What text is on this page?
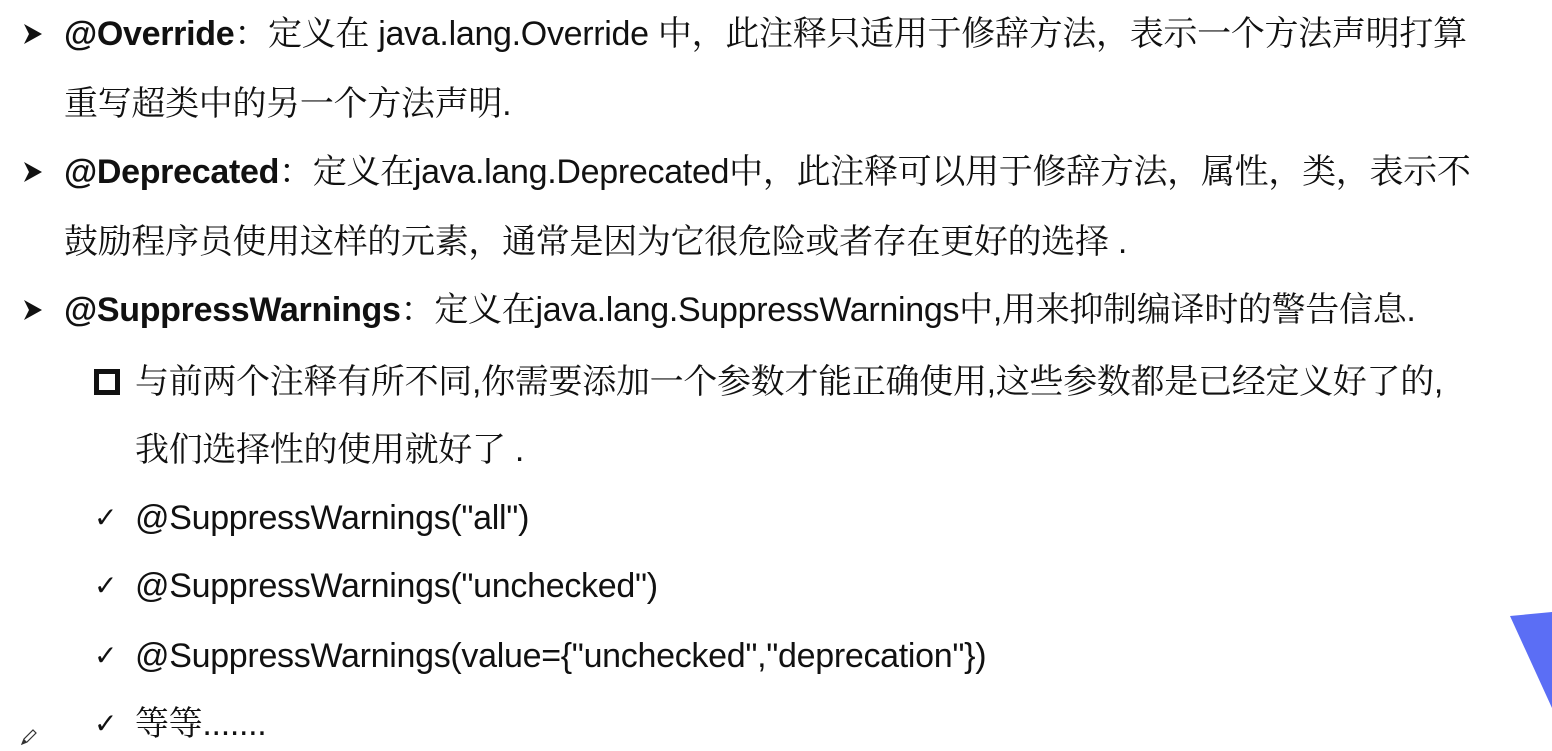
@Override：定义在 java.lang.Override 中，此注释只适用于修辞方法，表示一个方法声明打算
重写超类中的另一个方法声明.
@Deprecated：定义在java.lang.Deprecated中，此注释可以用于修辞方法，属性，类，表示不
鼓励程序员使用这样的元素，通常是因为它很危险或者存在更好的选择 .
@SuppressWarnings：定义在java.lang.SuppressWarnings中,用来抑制编译时的警告信息.
与前两个注释有所不同,你需要添加一个参数才能正确使用,这些参数都是已经定义好了的,
我们选择性的使用就好了 .
✓ @SuppressWarnings("all")
✓ @SuppressWarnings("unchecked")
✓ @SuppressWarnings(value={"unchecked","deprecation"})
✓ 等等.......
